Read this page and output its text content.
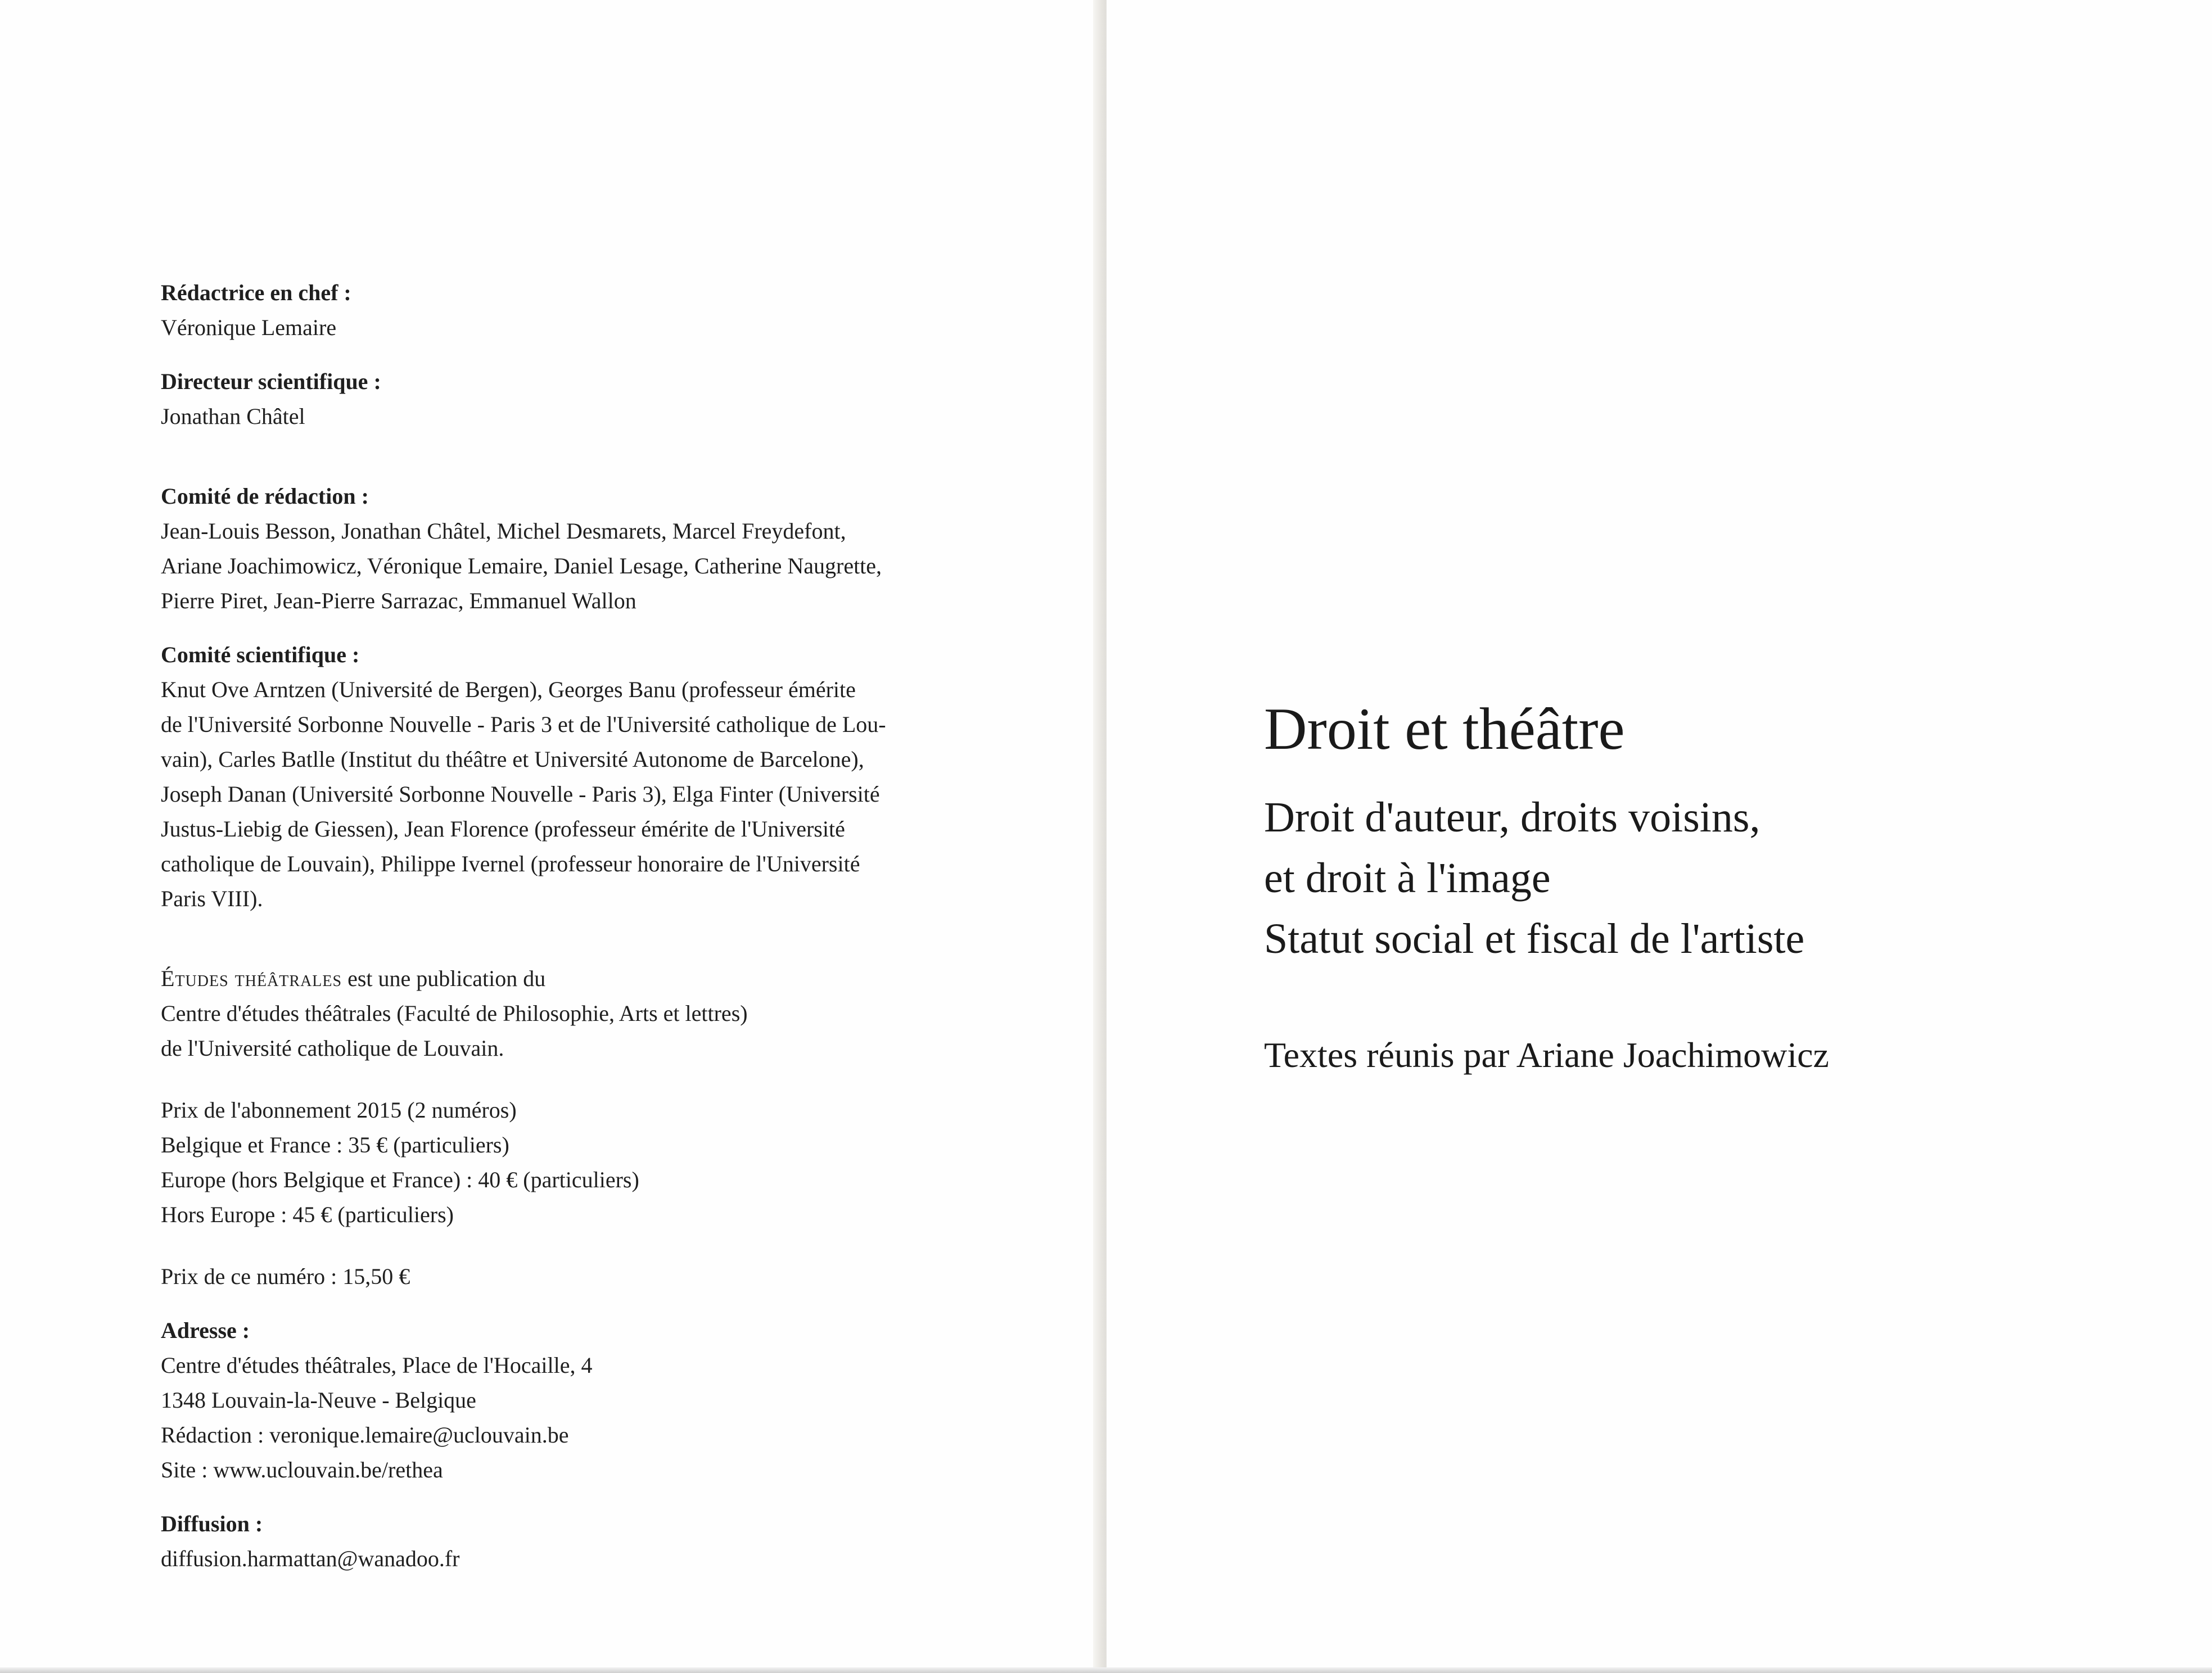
Rédactrice en chef :
Véronique Lemaire
Directeur scientifique :
Jonathan Châtel
Comité de rédaction :
Jean-Louis Besson, Jonathan Châtel, Michel Desmarets, Marcel Freydefont,
Ariane Joachimowicz, Véronique Lemaire, Daniel Lesage, Catherine Naugrette,
Pierre Piret, Jean-Pierre Sarrazac, Emmanuel Wallon
Comité scientifique :
Knut Ove Arntzen (Université de Bergen), Georges Banu (professeur émérite
de l'Université Sorbonne Nouvelle - Paris 3 et de l'Université catholique de Lou-
vain), Carles Batlle (Institut du théâtre et Université Autonome de Barcelone),
Joseph Danan (Université Sorbonne Nouvelle - Paris 3), Elga Finter (Université
Justus-Liebig de Giessen), Jean Florence (professeur émérite de l'Université
catholique de Louvain), Philippe Ivernel (professeur honoraire de l'Université
Paris VIII).
Études théâtrales est une publication du
Centre d'études théâtrales (Faculté de Philosophie, Arts et lettres)
de l'Université catholique de Louvain.
Prix de l'abonnement 2015 (2 numéros)
Belgique et France : 35 € (particuliers)
Europe (hors Belgique et France) : 40 € (particuliers)
Hors Europe : 45 € (particuliers)
Prix de ce numéro : 15,50 €
Adresse :
Centre d'études théâtrales, Place de l'Hocaille, 4
1348 Louvain-la-Neuve - Belgique
Rédaction : veronique.lemaire@uclouvain.be
Site : www.uclouvain.be/rethea
Diffusion :
diffusion.harmattan@wanadoo.fr
Droit et théâtre
Droit d'auteur, droits voisins,
et droit à l'image
Statut social et fiscal de l'artiste
Textes réunis par Ariane Joachimowicz
